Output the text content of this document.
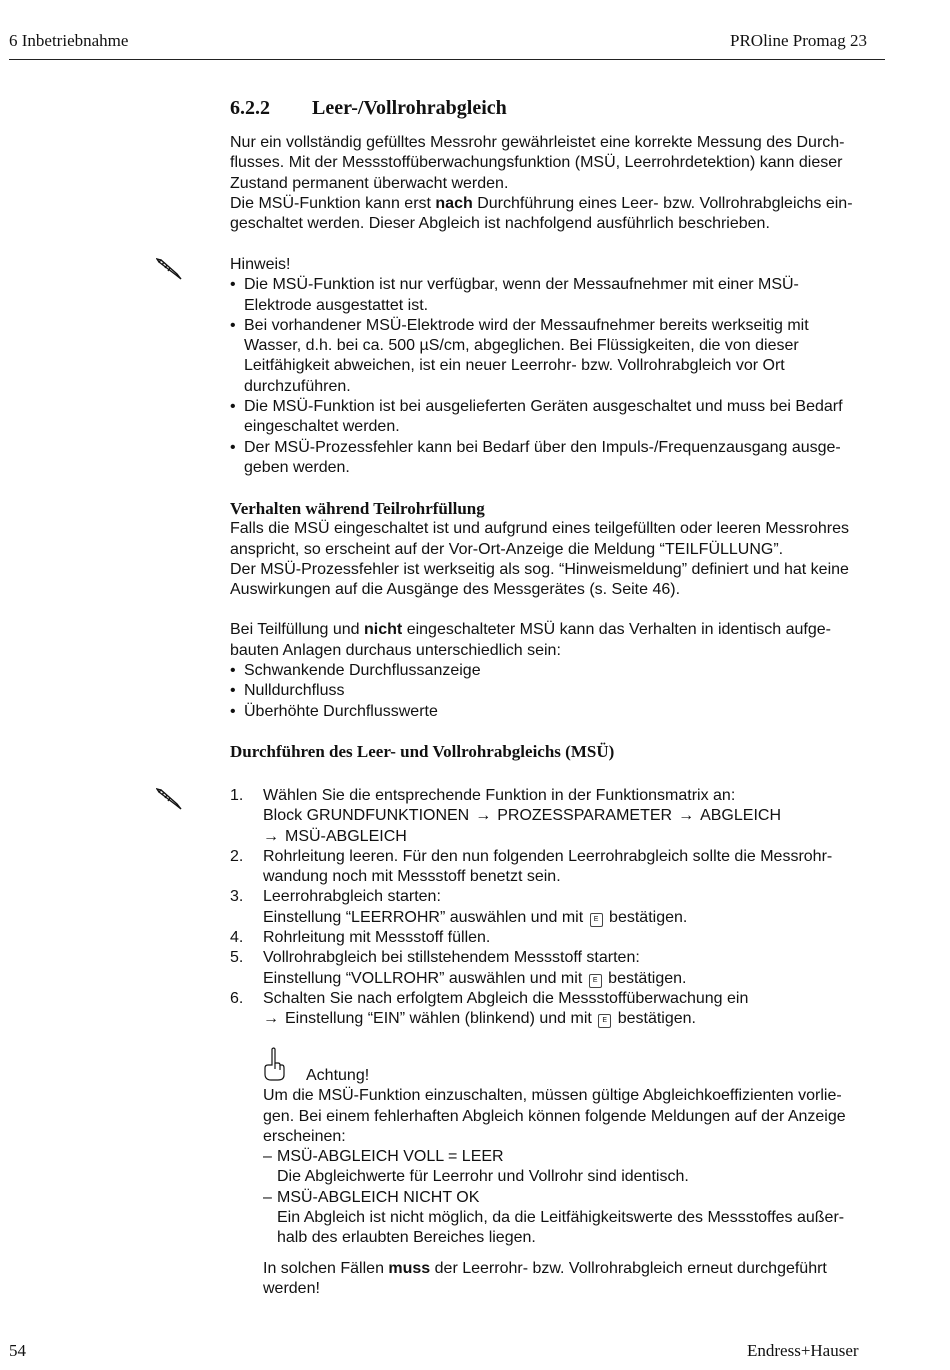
6 Inbetriebnahme	PROline Promag 23
6.2.2 Leer-/Vollrohrabgleich
Nur ein vollständig gefülltes Messrohr gewährleistet eine korrekte Messung des Durch-
flusses. Mit der Messstoffüberwachungsfunktion (MSÜ, Leerrohrdetektion) kann dieser
Zustand permanent überwacht werden.
Die MSÜ-Funktion kann erst nach Durchführung eines Leer- bzw. Vollrohrabgleichs ein-
geschaltet werden. Dieser Abgleich ist nachfolgend ausführlich beschrieben.
Hinweis!
• Die MSÜ-Funktion ist nur verfügbar, wenn der Messaufnehmer mit einer MSÜ-
Elektrode ausgestattet ist.
• Bei vorhandener MSÜ-Elektrode wird der Messaufnehmer bereits werkseitig mit
Wasser, d.h. bei ca. 500 µS/cm, abgeglichen. Bei Flüssigkeiten, die von dieser
Leitfähigkeit abweichen, ist ein neuer Leerrohr- bzw. Vollrohrabgleich vor Ort
durchzuführen.
• Die MSÜ-Funktion ist bei ausgelieferten Geräten ausgeschaltet und muss bei Bedarf
eingeschaltet werden.
• Der MSÜ-Prozessfehler kann bei Bedarf über den Impuls-/Frequenzausgang ausge-
geben werden.
Verhalten während Teilrohrfüllung
Falls die MSÜ eingeschaltet ist und aufgrund eines teilgefüllten oder leeren Messrohres
anspricht, so erscheint auf der Vor-Ort-Anzeige die Meldung “TEILFÜLLUNG”.
Der MSÜ-Prozessfehler ist werkseitig als sog. “Hinweismeldung” definiert und hat keine
Auswirkungen auf die Ausgänge des Messgerätes (s. Seite 46).
Bei Teilfüllung und nicht eingeschalteter MSÜ kann das Verhalten in identisch aufge-
bauten Anlagen durchaus unterschiedlich sein:
• Schwankende Durchflussanzeige
• Nulldurchfluss
• Überhöhte Durchflusswerte
Durchführen des Leer- und Vollrohrabgleichs (MSÜ)
1. Wählen Sie die entsprechende Funktion in der Funktionsmatrix an:
Block GRUNDFUNKTIONEN → PROZESSPARAMETER → ABGLEICH
→ MSÜ-ABGLEICH
2. Rohrleitung leeren. Für den nun folgenden Leerrohrabgleich sollte die Messrohr-
wandung noch mit Messstoff benetzt sein.
3. Leerrohrabgleich starten:
Einstellung “LEERROHR” auswählen und mit E bestätigen.
4. Rohrleitung mit Messstoff füllen.
5. Vollrohrabgleich bei stillstehendem Messstoff starten:
Einstellung “VOLLROHR” auswählen und mit E bestätigen.
6. Schalten Sie nach erfolgtem Abgleich die Messstoffüberwachung ein
→ Einstellung “EIN” wählen (blinkend) und mit E bestätigen.
Achtung!
Um die MSÜ-Funktion einzuschalten, müssen gültige Abgleichkoeffizienten vorlie-
gen. Bei einem fehlerhaften Abgleich können folgende Meldungen auf der Anzeige
erscheinen:
– MSÜ-ABGLEICH VOLL = LEER
Die Abgleichwerte für Leerrohr und Vollrohr sind identisch.
– MSÜ-ABGLEICH NICHT OK
Ein Abgleich ist nicht möglich, da die Leitfähigkeitswerte des Messstoffes außer-
halb des erlaubten Bereiches liegen.
In solchen Fällen muss der Leerrohr- bzw. Vollrohrabgleich erneut durchgeführt
werden!
54	Endress+Hauser
